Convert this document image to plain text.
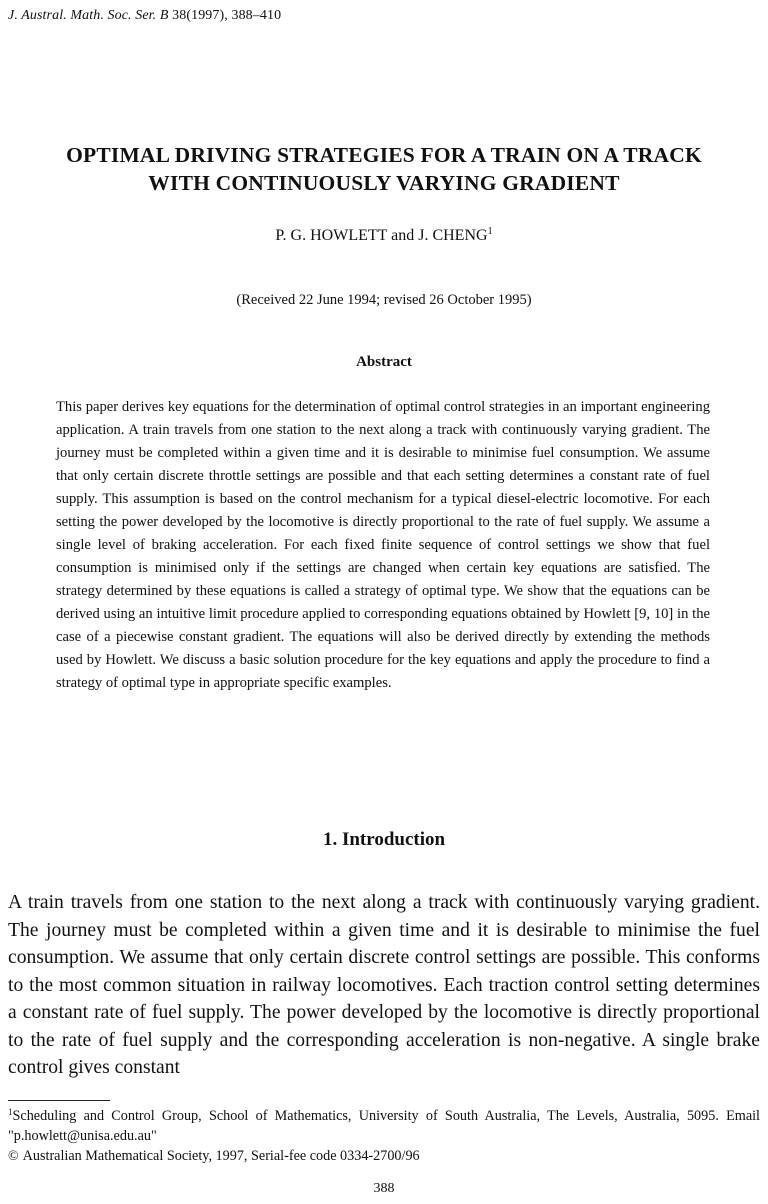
J. Austral. Math. Soc. Ser. B 38(1997), 388–410
OPTIMAL DRIVING STRATEGIES FOR A TRAIN ON A TRACK
WITH CONTINUOUSLY VARYING GRADIENT
P. G. HOWLETT and J. CHENG$^1$
(Received 22 June 1994; revised 26 October 1995)
Abstract
This paper derives key equations for the determination of optimal control strategies in an important engineering application. A train travels from one station to the next along a track with continuously varying gradient. The journey must be completed within a given time and it is desirable to minimise fuel consumption. We assume that only certain discrete throttle settings are possible and that each setting determines a constant rate of fuel supply. This assumption is based on the control mechanism for a typical diesel-electric locomotive. For each setting the power developed by the locomotive is directly proportional to the rate of fuel supply. We assume a single level of braking acceleration. For each fixed finite sequence of control settings we show that fuel consumption is minimised only if the settings are changed when certain key equations are satisfied. The strategy determined by these equations is called a strategy of optimal type. We show that the equations can be derived using an intuitive limit procedure applied to corresponding equations obtained by Howlett [9, 10] in the case of a piecewise constant gradient. The equations will also be derived directly by extending the methods used by Howlett. We discuss a basic solution procedure for the key equations and apply the procedure to find a strategy of optimal type in appropriate specific examples.
1. Introduction
A train travels from one station to the next along a track with continuously varying gradient. The journey must be completed within a given time and it is desirable to minimise the fuel consumption. We assume that only certain discrete control settings are possible. This conforms to the most common situation in railway locomotives. Each traction control setting determines a constant rate of fuel supply. The power developed by the locomotive is directly proportional to the rate of fuel supply and the corresponding acceleration is non-negative. A single brake control gives constant
$^1$Scheduling and Control Group, School of Mathematics, University of South Australia, The Levels, Australia, 5095. Email "p.howlett@unisa.edu.au"
© Australian Mathematical Society, 1997, Serial-fee code 0334-2700/96
388
